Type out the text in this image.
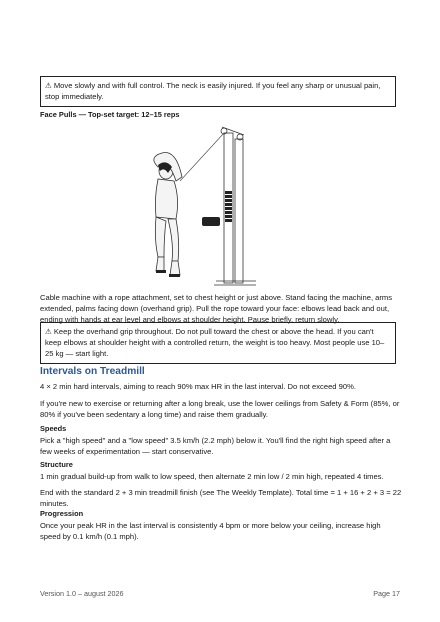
⚠ Move slowly and with full control. The neck is easily injured. If you feel any sharp or unusual pain, stop immediately.
Face Pulls — Top-set target: 12–15 reps
Cable machine with a rope attachment, set to chest height or just above. Stand facing the machine, arms extended, palms facing down (overhand grip). Pull the rope toward your face: elbows lead back and out, ending with hands at ear level and elbows at shoulder height. Pause briefly, return slowly.
⚠ Keep the overhand grip throughout. Do not pull toward the chest or above the head. If you can't keep elbows at shoulder height with a controlled return, the weight is too heavy. Most people use 10–25 kg — start light.
Intervals on Treadmill
4 × 2 min hard intervals, aiming to reach 90% max HR in the last interval. Do not exceed 90%.
If you're new to exercise or returning after a long break, use the lower ceilings from Safety & Form (85%, or 80% if you've been sedentary a long time) and raise them gradually.
Speeds
Pick a "high speed" and a "low speed" 3.5 km/h (2.2 mph) below it. You'll find the right high speed after a few weeks of experimentation — start conservative.
Structure
1 min gradual build-up from walk to low speed, then alternate 2 min low / 2 min high, repeated 4 times.
End with the standard 2 + 3 min treadmill finish (see The Weekly Template). Total time = 1 + 16 + 2 + 3 = 22 minutes.
Progression
Once your peak HR in the last interval is consistently 4 bpm or more below your ceiling, increase high speed by 0.1 km/h (0.1 mph).
Version 1.0 – august 2026	Page 17
